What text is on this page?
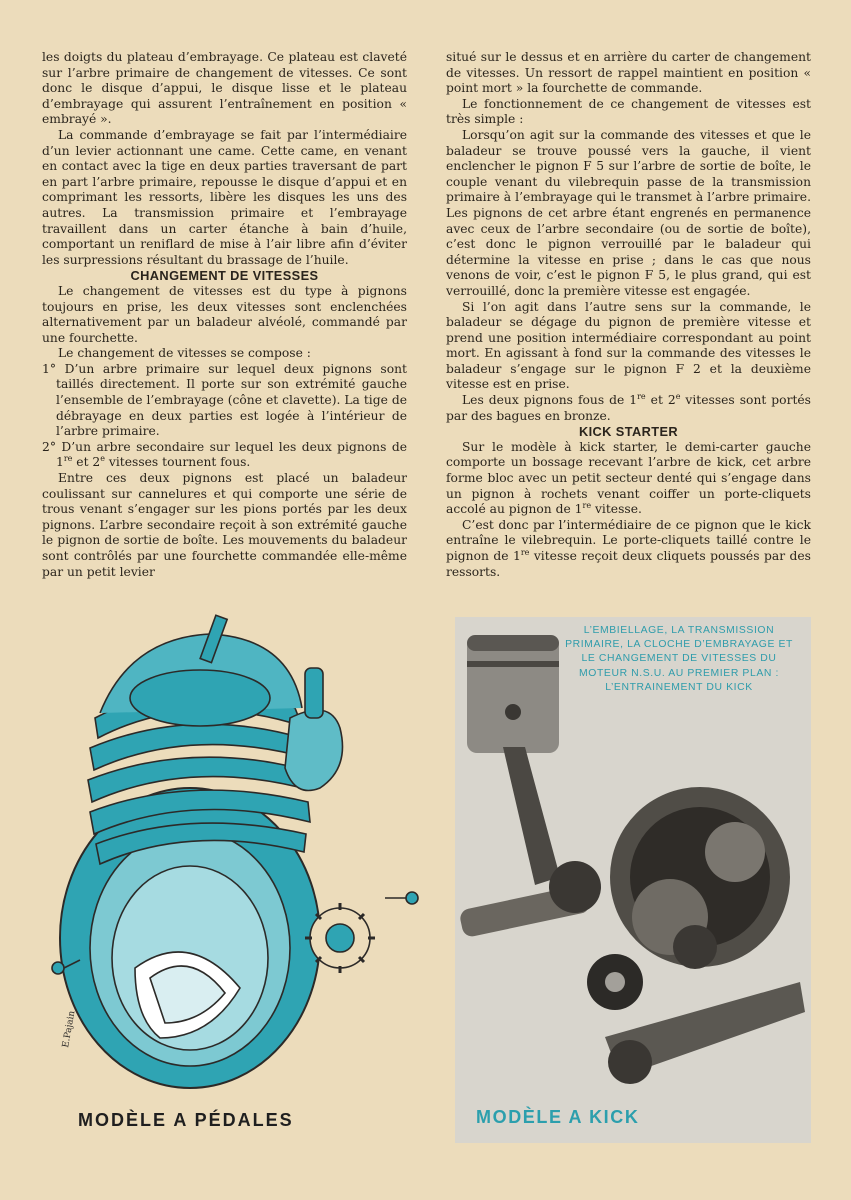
les doigts du plateau d’embrayage. Ce plateau est claveté sur l’arbre primaire de changement de vitesses. Ce sont donc le disque d’appui, le disque lisse et le plateau d’embrayage qui assurent l’entraînement en position « embrayé ».

La commande d’embrayage se fait par l’intermédiaire d’un levier actionnant une came. Cette came, en venant en contact avec la tige en deux parties traversant de part en part l’arbre primaire, repousse le disque d’appui et en comprimant les ressorts, libère les disques les uns des autres. La transmission primaire et l’embrayage travaillent dans un carter étanche à bain d’huile, comportant un reniflard de mise à l’air libre afin d’éviter les surpressions résultant du brassage de l’huile.

CHANGEMENT DE VITESSES

Le changement de vitesses est du type à pignons toujours en prise, les deux vitesses sont enclenchées alternativement par un baladeur alvéolé, commandé par une fourchette.

Le changement de vitesses se compose :

1° D’un arbre primaire sur lequel deux pignons sont taillés directement. Il porte sur son extrémité gauche l’ensemble de l’embrayage (cône et clavette). La tige de débrayage en deux parties est logée à l’intérieur de l’arbre primaire.

2° D’un arbre secondaire sur lequel les deux pignons de 1re et 2e vitesses tournent fous.

Entre ces deux pignons est placé un baladeur coulissant sur cannelures et qui comporte une série de trous venant s’engager sur les pions portés par les deux pignons. L’arbre secondaire reçoit à son extrémité gauche le pignon de sortie de boîte. Les mouvements du baladeur sont contrôlés par une fourchette commandée elle-même par un petit levier

situé sur le dessus et en arrière du carter de changement de vitesses. Un ressort de rappel maintient en position « point mort » la fourchette de commande.

Le fonctionnement de ce changement de vitesses est très simple :

Lorsqu’on agit sur la commande des vitesses et que le baladeur se trouve poussé vers la gauche, il vient enclencher le pignon F 5 sur l’arbre de sortie de boîte, le couple venant du vilebrequin passe de la transmission primaire à l’embrayage qui le transmet à l’arbre primaire. Les pignons de cet arbre étant engrenés en permanence avec ceux de l’arbre secondaire (ou de sortie de boîte), c’est donc le pignon verrouillé par le baladeur qui détermine la vitesse en prise ; dans le cas que nous venons de voir, c’est le pignon F 5, le plus grand, qui est verrouillé, donc la première vitesse est engagée.

Si l’on agit dans l’autre sens sur la commande, le baladeur se dégage du pignon de première vitesse et prend une position intermédiaire correspondant au point mort. En agissant à fond sur la commande des vitesses le baladeur s’engage sur le pignon F 2 et la deuxième vitesse est en prise.

Les deux pignons fous de 1re et 2e vitesses sont portés par des bagues en bronze.

KICK STARTER

Sur le modèle à kick starter, le demi-carter gauche comporte un bossage recevant l’arbre de kick, cet arbre forme bloc avec un petit secteur denté qui s’engage dans un pignon à rochets venant coiffer un porte-cliquets accolé au pignon de 1re vitesse.

C’est donc par l’intermédiaire de ce pignon que le kick entraîne le vilebrequin. Le porte-cliquets taillé contre le pignon de 1re vitesse reçoit deux cliquets poussés par des ressorts.

E.Pajain
MODÈLE A PÉDALES
L’EMBIELLAGE, LA TRANSMISSION PRIMAIRE, LA CLOCHE D’EMBRAYAGE ET LE CHANGEMENT DE VITESSES DU MOTEUR N.S.U. AU PREMIER PLAN : L’ENTRAINEMENT DU KICK
MODÈLE A KICK
